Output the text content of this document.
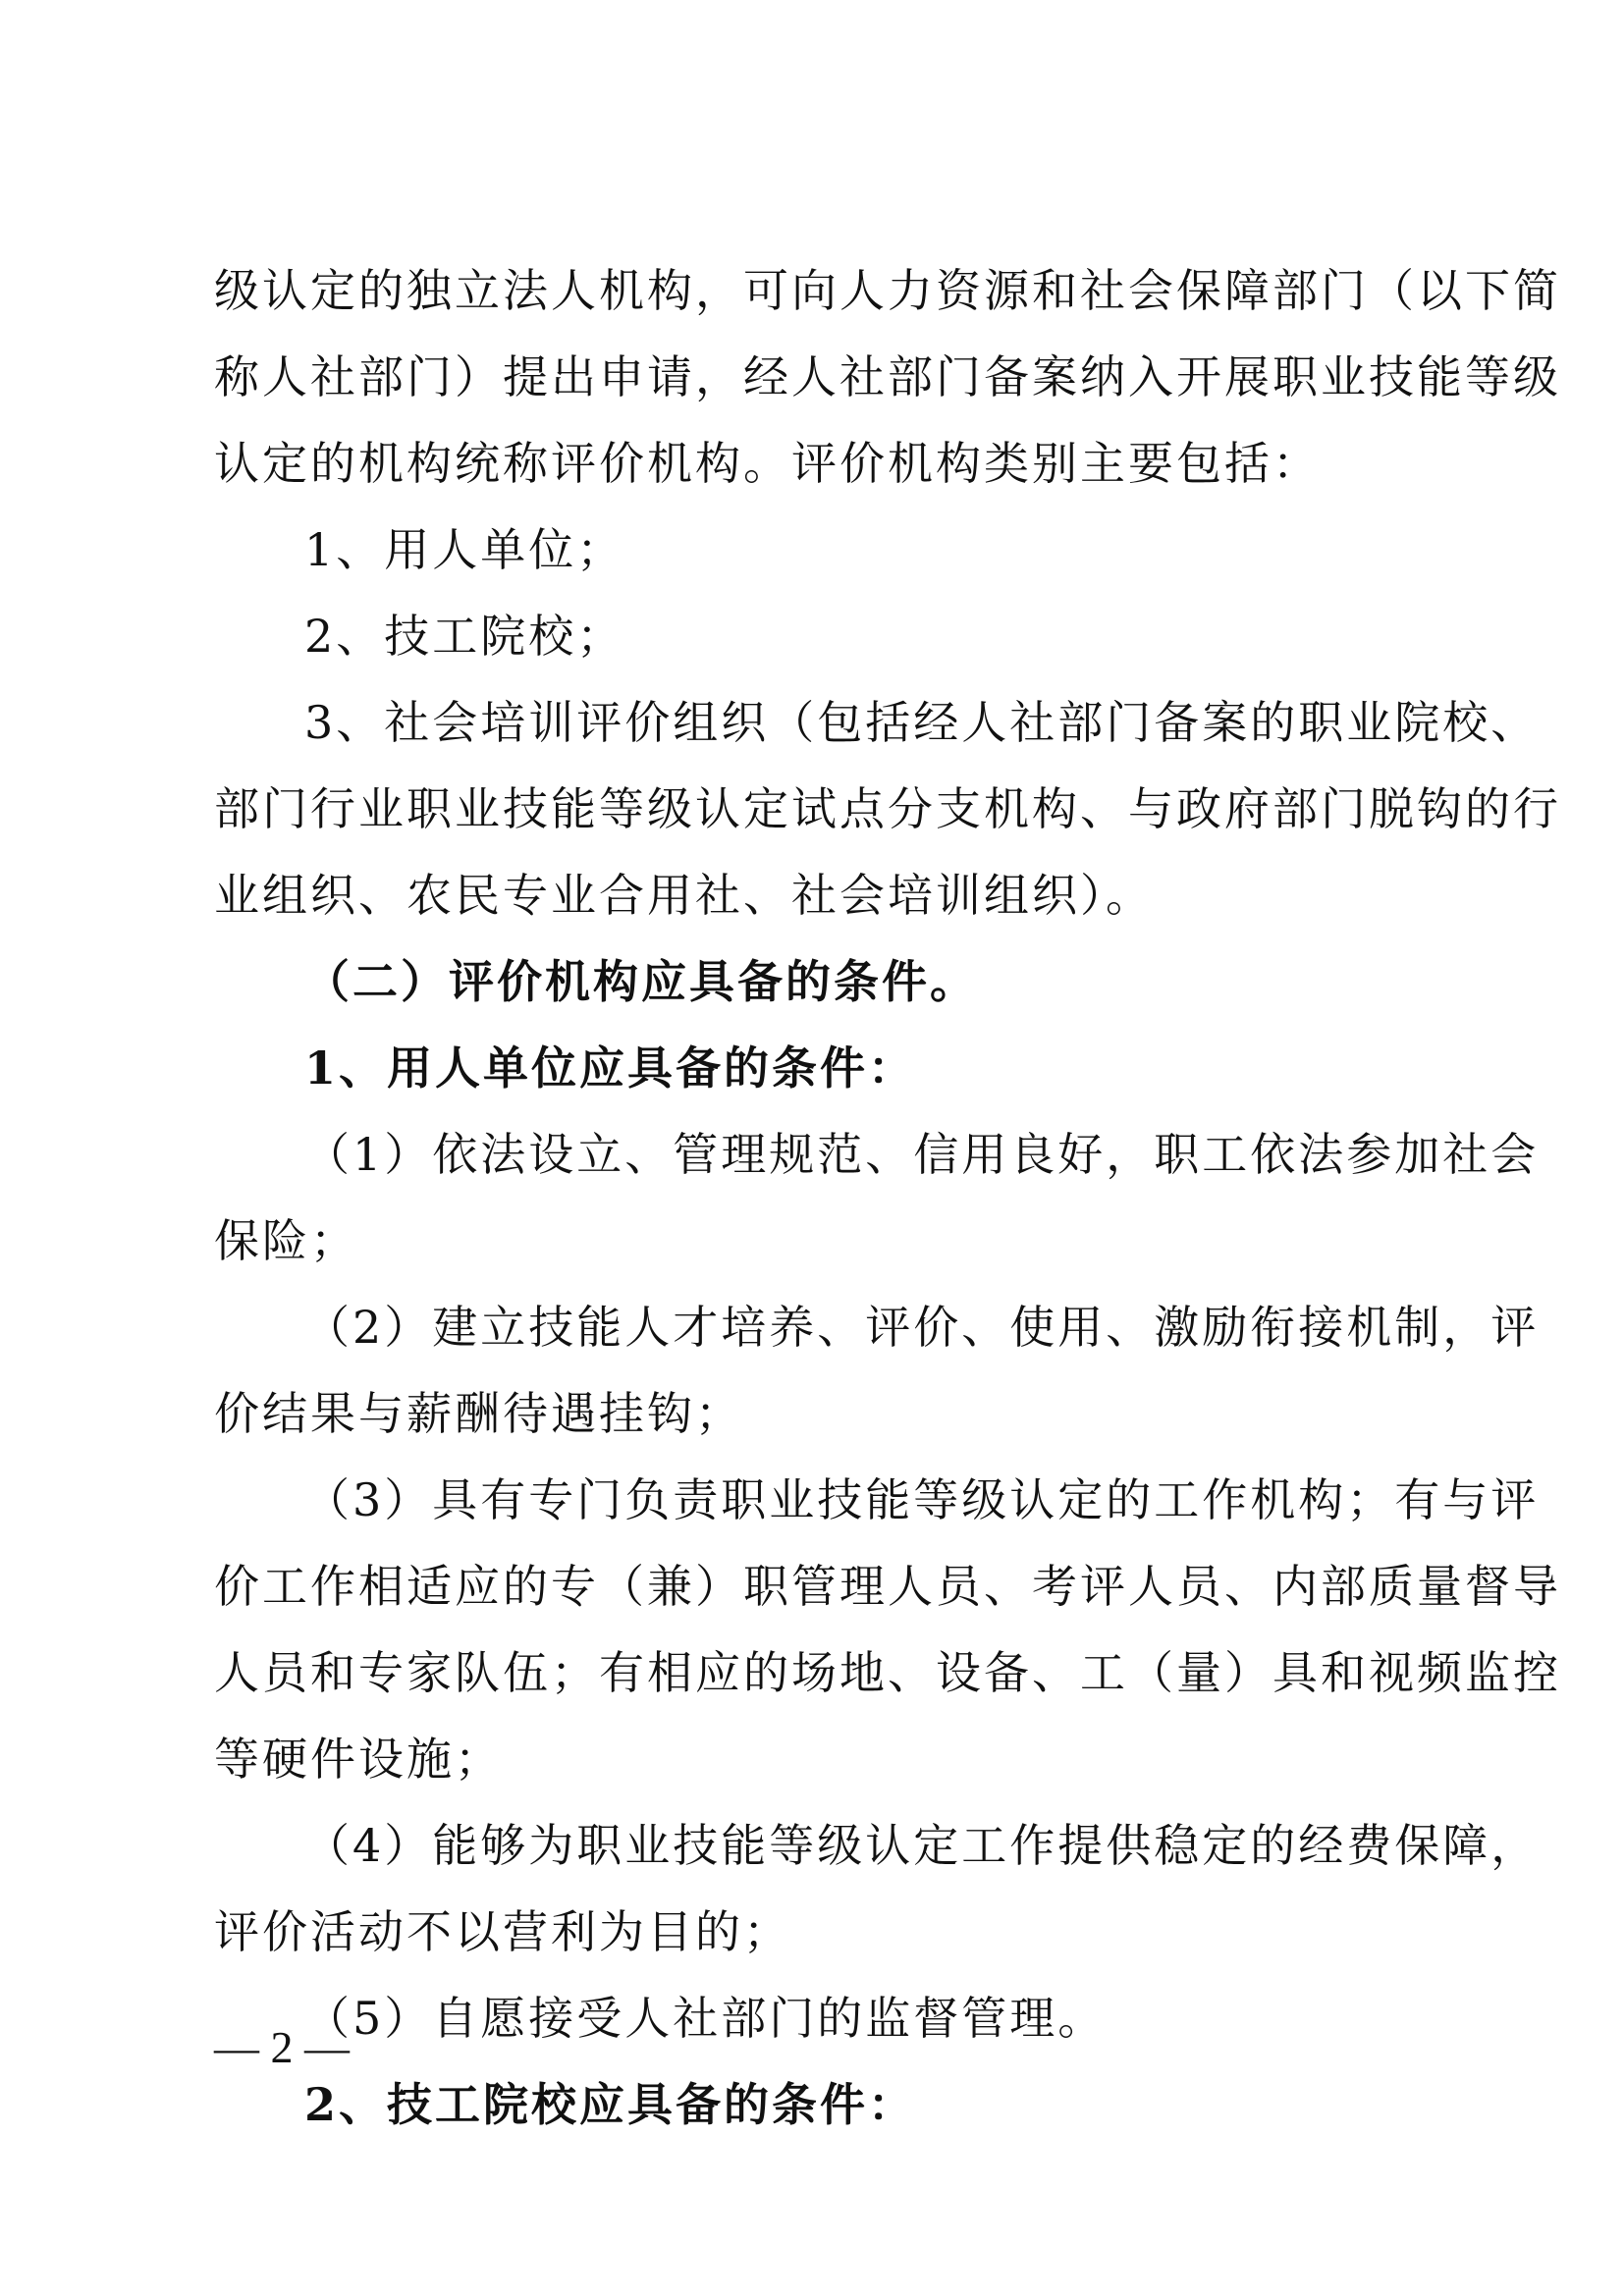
级认定的独立法人机构，可向人力资源和社会保障部门（以下简
称人社部门）提出申请，经人社部门备案纳入开展职业技能等级
认定的机构统称评价机构。评价机构类别主要包括：
1、用人单位；
2、技工院校；
3、社会培训评价组织（包括经人社部门备案的职业院校、
部门行业职业技能等级认定试点分支机构、与政府部门脱钩的行
业组织、农民专业合用社、社会培训组织）。
（二）评价机构应具备的条件。
1、用人单位应具备的条件：
（1）依法设立、管理规范、信用良好，职工依法参加社会
保险；
（2）建立技能人才培养、评价、使用、激励衔接机制，评
价结果与薪酬待遇挂钩；
（3）具有专门负责职业技能等级认定的工作机构；有与评
价工作相适应的专（兼）职管理人员、考评人员、内部质量督导
人员和专家队伍；有相应的场地、设备、工（量）具和视频监控
等硬件设施；
（4）能够为职业技能等级认定工作提供稳定的经费保障，
评价活动不以营利为目的；
（5）自愿接受人社部门的监督管理。
2、技工院校应具备的条件：
— 2 —
